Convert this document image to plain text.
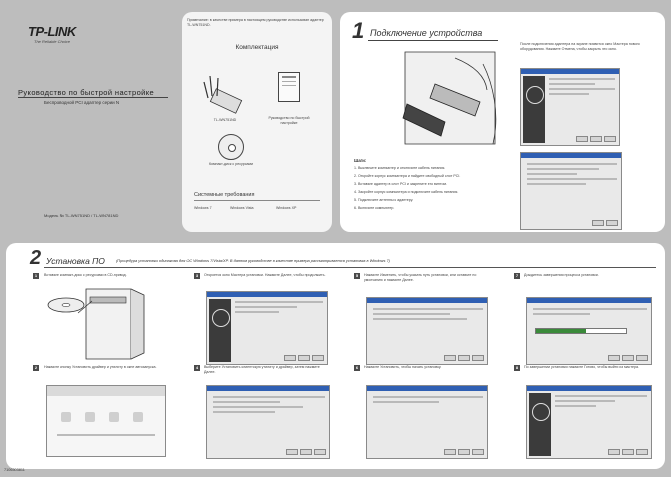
TP-LINK
The Reliable Choice
Руководство по быстрой настройке
Беспроводной PCI адаптер серии N
Модель № TL-WN751ND / TL-WN781ND
Примечание: в качестве примера в настоящем руководстве использован адаптер TL-WN751ND.
Комплектация
TL-WN751ND	Руководство по быстрой настройке
Компакт-диск с ресурсами
Системные требования
Windows 7	Windows Vista	Windows XP
1 Подключение устройства
После подключения адаптера на экране появится окно Мастера нового оборудования. Нажмите Отмена, чтобы закрыть это окно.
Шаги:
1. Выключите компьютер и отключите кабель питания.
2. Откройте корпус компьютера и найдите свободный слот PCI.
3. Вставьте адаптер в слот PCI и закрепите его винтом.
4. Закройте корпус компьютера и подключите кабель питания.
5. Подключите антенны к адаптеру.
6. Включите компьютер.
2 Установка ПО	(Процедура установки одинакова для ОС Windows 7/Vista/XP. В данном руководстве в качестве примера рассматривается установка в Windows 7)
1	Вставьте компакт-диск с ресурсами в CD-привод.
2	Нажмите кнопку Установить драйвер и утилиту в окне автозапуска.
3	Откроется окно Мастера установки. Нажмите Далее, чтобы продолжить.
4	Выберите Установить клиентскую утилиту и драйвер, затем нажмите Далее.
5	Нажмите Изменить, чтобы указать путь установки, или оставьте по умолчанию и нажмите Далее.
6	Нажмите Установить, чтобы начать установку.
7	Дождитесь завершения процесса установки.
8	По завершении установки нажмите Готово, чтобы выйти из мастера.
7106503811
